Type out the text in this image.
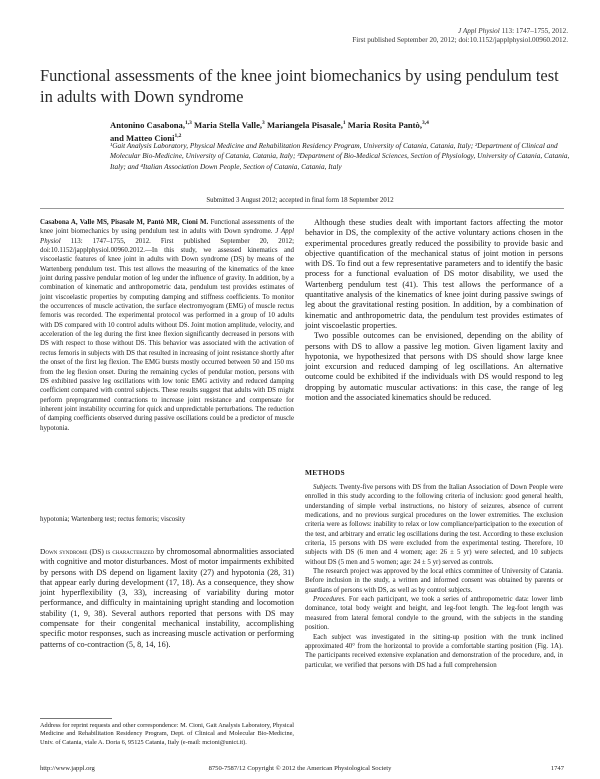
J Appl Physiol 113: 1747–1755, 2012.
First published September 20, 2012; doi:10.1152/japplphysiol.00960.2012.
Functional assessments of the knee joint biomechanics by using pendulum test in adults with Down syndrome
Antonino Casabona,$^{1,3}$ Maria Stella Valle,$^3$ Mariangela Pisasale,$^1$ Maria Rosita Pantò,$^{3,4}$
and Matteo Cioni$^{1,2}$
¹Gait Analysis Laboratory, Physical Medicine and Rehabilitation Residency Program, University of Catania, Catania, Italy; ²Department of Clinical and Molecular Bio-Medicine, University of Catania, Catania, Italy; ³Department of Bio-Medical Sciences, Section of Physiology, University of Catania, Catania, Italy; and ⁴Italian Association Down People, Section of Catania, Catania, Italy
Submitted 3 August 2012; accepted in final form 18 September 2012

Casabona A, Valle MS, Pisasale M, Pantò MR, Cioni M. Functional assessments of the knee joint biomechanics by using pendulum test in adults with Down syndrome. J Appl Physiol 113: 1747–1755, 2012. First published September 20, 2012; doi:10.1152/japplphysiol.00960.2012.—In this study, we assessed kinematics and viscoelastic features of knee joint in adults with Down syndrome (DS) by means of the Wartenberg pendulum test. This test allows the measuring of the kinematics of the knee joint during passive pendular motion of leg under the influence of gravity. In addition, by a combination of kinematic and anthropometric data, pendulum test provides estimates of joint viscoelastic properties by computing damping and stiffness coefficients. To monitor the occurrences of muscle activation, the surface electromyogram (EMG) of muscle rectus femoris was recorded. The experimental protocol was performed in a group of 10 adults with DS compared with 10 control adults without DS. Joint motion amplitude, velocity, and acceleration of the leg during the first knee flexion significantly decreased in persons with DS with respect to those without DS. This behavior was associated with the activation of rectus femoris in subjects with DS that resulted in increasing of joint resistance shortly after the onset of the first leg flexion. The EMG bursts mostly occurred between 50 and 150 ms from the leg flexion onset. During the remaining cycles of pendular motion, persons with DS exhibited passive leg oscillations with low tonic EMG activity and reduced damping coefficient compared with control subjects. These results suggest that adults with DS might perform preprogrammed contractions to increase joint resistance and compensate for inherent joint instability occurring for quick and unpredictable perturbations. The reduction of damping coefficients observed during passive oscillations could be a predictor of muscle hypotonia.

hypotonia; Wartenberg test; rectus femoris; viscosity
Down syndrome (DS) is characterized by chromosomal abnormalities associated with cognitive and motor disturbances. Most of motor impairments exhibited by persons with DS depend on ligament laxity (27) and hypotonia (28, 31) that appear early during development (17, 18). As a consequence, they show joint hyperflexibility (3, 33), increasing of variability during motor performance, and difficulty in maintaining upright standing and locomotion stability (1, 9, 38). Several authors reported that persons with DS may compensate for their congenital mechanical instability, accomplishing specific motor responses, such as increasing muscle activation or performing patterns of co-contraction (5, 8, 14, 16).

Although these studies dealt with important factors affecting the motor behavior in DS, the complexity of the active voluntary actions chosen in the experimental procedures greatly reduced the possibility to provide basic and objective quantification of the mechanical status of joint motion in persons with DS. To find out a few representative parameters and to identify the basic process for a functional evaluation of DS motor disability, we used the Wartenberg pendulum test (41). This test allows the performance of a quantitative analysis of the kinematics of knee joint during passive swings of leg about the gravitational resting position. In addition, by a combination of kinematic and anthropometric data, the pendulum test provides estimates of joint viscoelastic properties.

Two possible outcomes can be envisioned, depending on the ability of persons with DS to allow a passive leg motion. Given ligament laxity and hypotonia, we hypothesized that persons with DS should show large knee joint excursion and reduced damping of leg oscillations. An alternative outcome could be exhibited if the individuals with DS would respond to leg dropping by automatic muscular activations: in this case, the range of leg motion and the associated kinematics should be reduced.

METHODS

Subjects. Twenty-five persons with DS from the Italian Association of Down People were enrolled in this study according to the following criteria of inclusion: good general health, understanding of simple verbal instructions, no history of seizures, absence of current medications, and no previous surgical procedures on the lower extremities. The exclusion criteria were as follows: inability to relax or low compliance/participation to the execution of the test, and arbitrary and erratic leg oscillations during the test. According to these exclusion criteria, 15 persons with DS were excluded from the experimental testing. Therefore, 10 subjects with DS (6 men and 4 women; age: 26 ± 5 yr) were selected, and 10 subjects without DS (5 men and 5 women; age: 24 ± 5 yr) served as controls.

The research project was approved by the local ethics committee of University of Catania. Before inclusion in the study, a written and informed consent was obtained by parents or guardians of persons with DS, as well as by control subjects.

Procedures. For each participant, we took a series of anthropometric data: lower limb dominance, total body weight and height, and leg-foot length. The leg-foot length was measured from lateral femoral condyle to the ground, with the subjects in the standing position.

Each subject was investigated in the sitting-up position with the trunk inclined approximated 40° from the horizontal to provide a comfortable starting position (Fig. 1A). The participants received extensive explanation and demonstration of the procedure, and, in particular, we verified that persons with DS had a full comprehension

Address for reprint requests and other correspondence: M. Cioni, Gait Analysis Laboratory, Physical Medicine and Rehabilitation Residency Program, Dept. of Clinical and Molecular Bio-Medicine, Univ. of Catania, viale A. Doria 6, 95125 Catania, Italy (e-mail: mcioni@unict.it).
http://www.jappl.org	8750-7587/12 Copyright © 2012 the American Physiological Society	1747
